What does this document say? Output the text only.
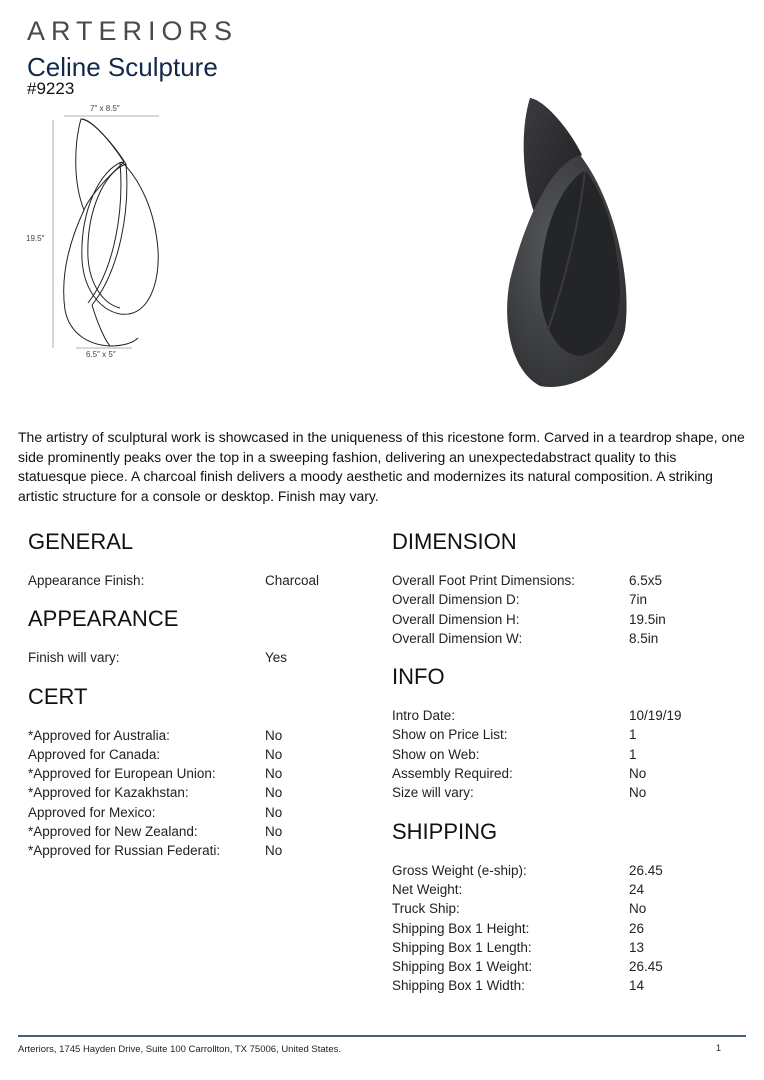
ARTERIORS
Celine Sculpture
#9223
7″ x 8.5″
19.5″
6.5″ x 5″
The artistry of sculptural work is showcased in the uniqueness of this ricestone form. Carved in a teardrop shape, one side prominently peaks over the top in a sweeping fashion, delivering an unexpectedabstract quality to this statuesque piece. A charcoal finish delivers a moody aesthetic and modernizes its natural composition. A striking artistic structure for a console or desktop. Finish may vary.
GENERAL
Appearance Finish:	Charcoal
APPEARANCE
Finish will vary:	Yes
CERT
*Approved for Australia:	No
Approved for Canada:	No
*Approved for European Union:	No
*Approved for Kazakhstan:	No
Approved for Mexico:	No
*Approved for New Zealand:	No
*Approved for Russian Federati:	No
DIMENSION
Overall Foot Print Dimensions:	6.5x5
Overall Dimension D:	7in
Overall Dimension H:	19.5in
Overall Dimension W:	8.5in
INFO
Intro Date:	10/19/19
Show on Price List:	1
Show on Web:	1
Assembly Required:	No
Size will vary:	No
SHIPPING
Gross Weight (e-ship):	26.45
Net Weight:	24
Truck Ship:	No
Shipping Box 1 Height:	26
Shipping Box 1 Length:	13
Shipping Box 1 Weight:	26.45
Shipping Box 1 Width:	14
Arteriors, 1745 Hayden Drive, Suite 100 Carrollton, TX 75006, United States.	1
